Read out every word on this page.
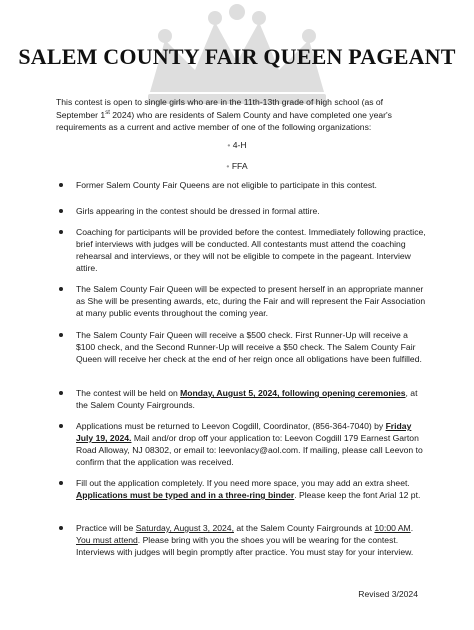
SALEM COUNTY FAIR QUEEN PAGEANT

This contest is open to single girls who are in the 11th-13th grade of high school (as of September 1st 2024) who are residents of Salem County and have completed one year's requirements as a current and active member of one of the following organizations:

• 4-H
• FFA
Former Salem County Fair Queens are not eligible to participate in this contest.
Girls appearing in the contest should be dressed in formal attire.
Coaching for participants will be provided before the contest. Immediately following practice, brief interviews with judges will be conducted. All contestants must attend the coaching rehearsal and interviews, or they will not be eligible to compete in the pageant. Interview attire.
The Salem County Fair Queen will be expected to present herself in an appropriate manner as She will be presenting awards, etc, during the Fair and will represent the Fair Association at many public events throughout the coming year.
The Salem County Fair Queen will receive a $500 check. First Runner-Up will receive a $100 check, and the Second Runner-Up will receive a $50 check. The Salem County Fair Queen will receive her check at the end of her reign once all obligations have been fulfilled.
The contest will be held on Monday, August 5, 2024, following opening ceremonies, at the Salem County Fairgrounds.
Applications must be returned to Leevon Cogdill, Coordinator, (856-364-7040) by Friday July 19, 2024. Mail and/or drop off your application to: Leevon Cogdill 179 Earnest Garton Road Alloway, NJ 08302, or email to: leevonlacy@aol.com. If mailing, please call Leevon to confirm that the application was received.
Fill out the application completely. If you need more space, you may add an extra sheet. Applications must be typed and in a three-ring binder. Please keep the font Arial 12 pt.
Practice will be Saturday, August 3, 2024, at the Salem County Fairgrounds at 10:00 AM. You must attend. Please bring with you the shoes you will be wearing for the contest. Interviews with judges will begin promptly after practice. You must stay for your interview.
Revised 3/2024
